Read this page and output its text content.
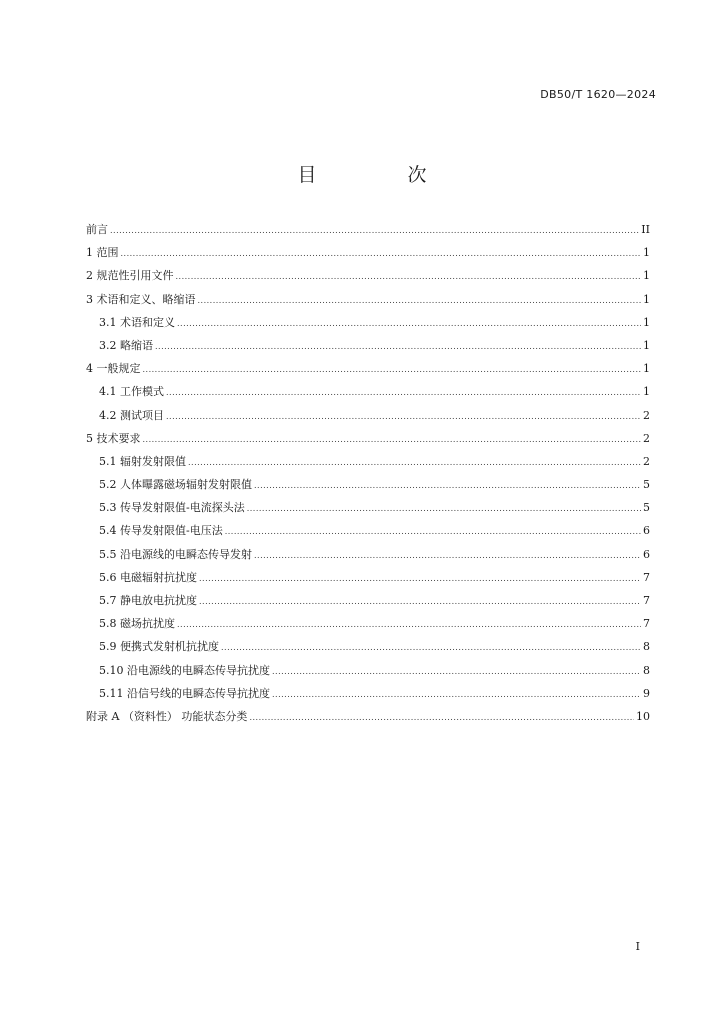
DB50/T 1620—2024
目　次
前言 .....	II
1 范围 .....	1
2 规范性引用文件 .....	1
3 术语和定义、略缩语 .....	1
3.1 术语和定义 .....	1
3.2 略缩语 .....	1
4 一般规定 .....	1
4.1 工作模式 .....	1
4.2 测试项目 .....	2
5 技术要求 .....	2
5.1 辐射发射限值 .....	2
5.2 人体曝露磁场辐射发射限值 .....	5
5.3 传导发射限值-电流探头法 .....	5
5.4 传导发射限值-电压法 .....	6
5.5 沿电源线的电瞬态传导发射 .....	6
5.6 电磁辐射抗扰度 .....	7
5.7 静电放电抗扰度 .....	7
5.8 磁场抗扰度 .....	7
5.9 便携式发射机抗扰度 .....	8
5.10 沿电源线的电瞬态传导抗扰度 .....	8
5.11 沿信号线的电瞬态传导抗扰度 .....	9
附录 A （资料性） 功能状态分类 .....	10
I
